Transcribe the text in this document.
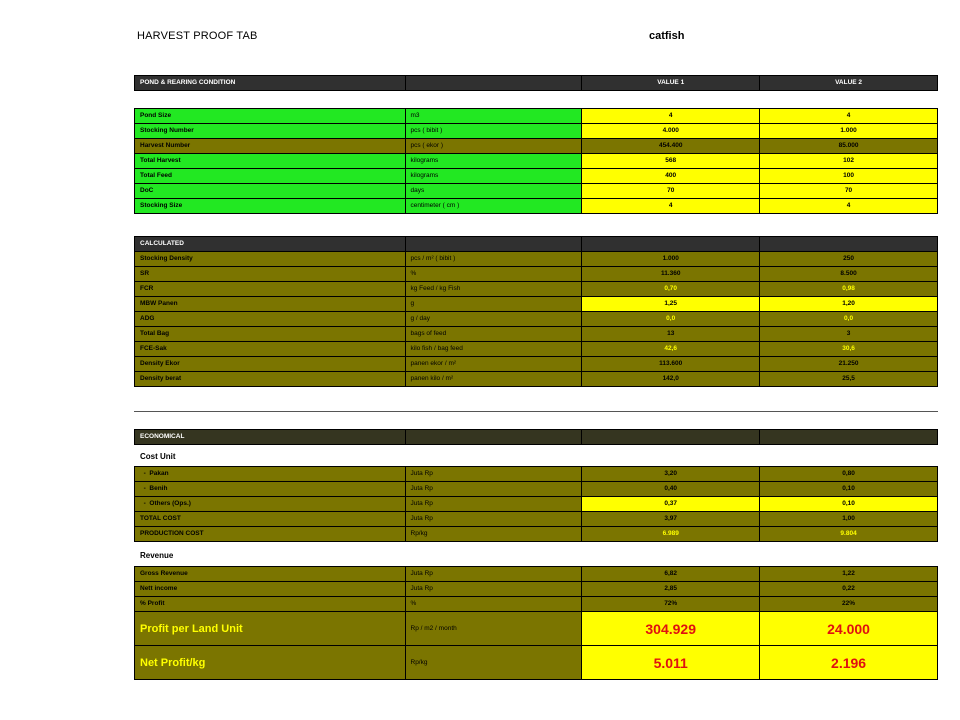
HARVEST PROOF TAB	catfish
POND & REARING CONDITION		VALUE 1	VALUE 2
Pond Size	m3	4	4
Stocking Number	pcs ( bibit )	4.000	1.000
Harvest Number	pcs ( ekor )	454.400	85.000
Total Harvest	kilograms	568	102
Total Feed	kilograms	400	100
DoC	days	70	70
Stocking Size	centimeter ( cm )	4	4
CALCULATED			
Stocking Density	pcs / m² ( bibit )	1.000	250
SR	%	11.360	8.500
FCR	kg Feed / kg Fish	0,70	0,98
MBW Panen	g	1,25	1,20
ADG	g / day	0,0	0,0
Total Bag	bags of feed	13	3
FCE-Sak	kilo fish / bag feed	42,6	30,6
Density Ekor	panen ekor / m²	113.600	21.250
Density berat	panen kilo / m²	142,0	25,5
ECONOMICAL			
Cost Unit
-  Pakan	Juta Rp	3,20	0,80
-  Benih	Juta Rp	0,40	0,10
-  Others (Ops.)	Juta Rp	0,37	0,10
TOTAL COST	Juta Rp	3,97	1,00
PRODUCTION COST	Rp/kg	6.989	9.804
Revenue
Gross Revenue	Juta Rp	6,82	1,22
Nett income	Juta Rp	2,85	0,22
% Profit	%	72%	22%
Profit per Land Unit	Rp / m2 / month	304.929	24.000
Net Profit/kg	Rp/kg	5.011	2.196
